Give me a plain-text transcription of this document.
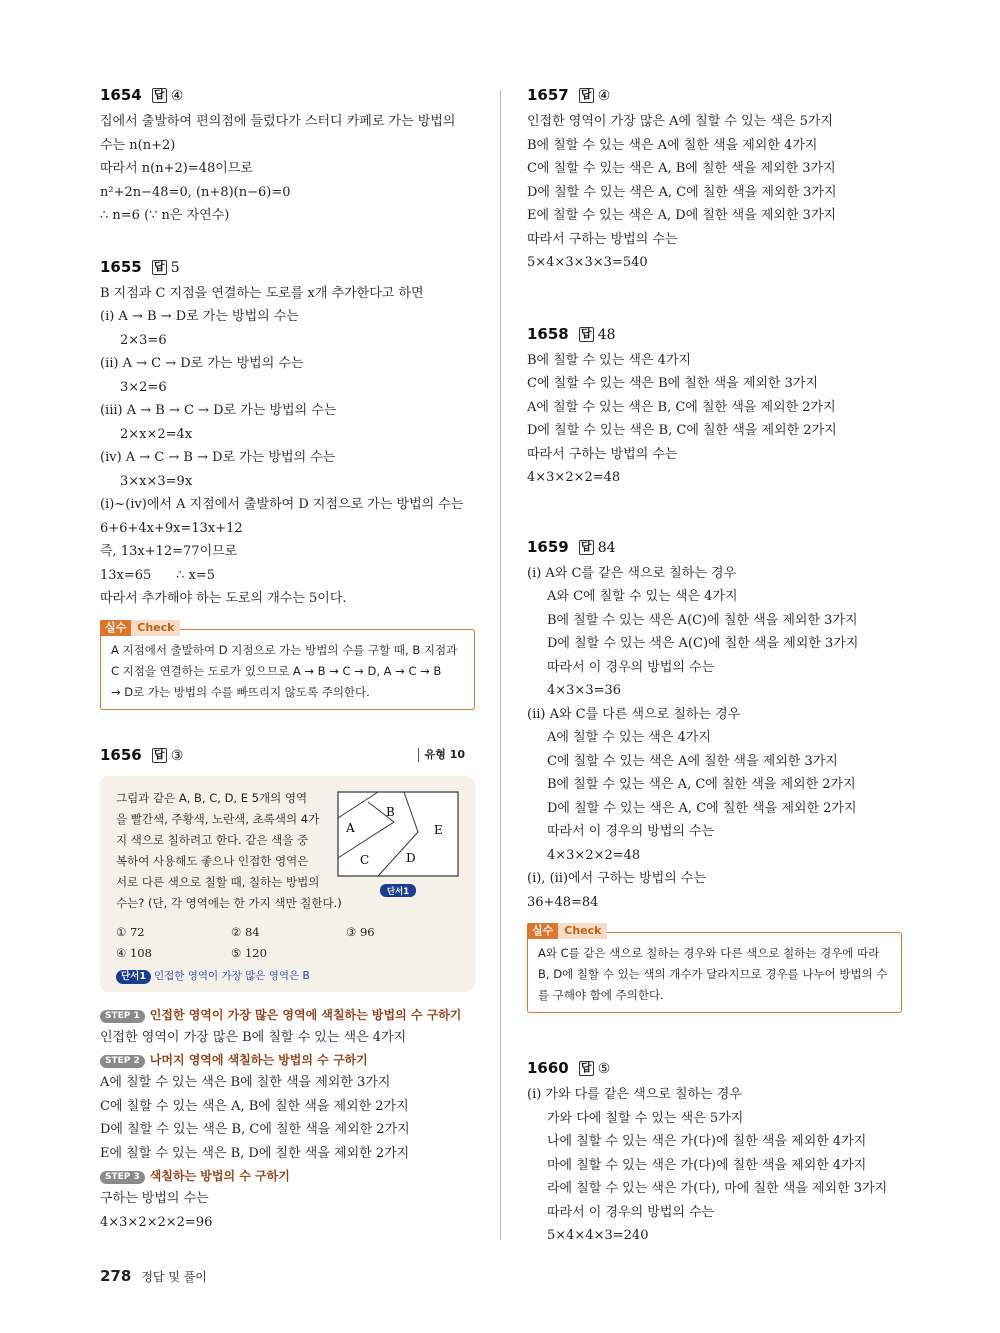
1654 답 ④
집에서 출발하여 편의점에 들렀다가 스터디 카페로 가는 방법의
수는 n(n+2)
따라서 n(n+2)=48이므로
n²+2n−48=0, (n+8)(n−6)=0
∴ n=6 (∵ n은 자연수)
1655 답 5
B 지점과 C 지점을 연결하는 도로를 x개 추가한다고 하면
(ⅰ) A → B → D로 가는 방법의 수는
2×3=6
(ⅱ) A → C → D로 가는 방법의 수는
3×2=6
(ⅲ) A → B → C → D로 가는 방법의 수는
2×x×2=4x
(ⅳ) A → C → B → D로 가는 방법의 수는
3×x×3=9x
(ⅰ)~(ⅳ)에서 A 지점에서 출발하여 D 지점으로 가는 방법의 수는
6+6+4x+9x=13x+12
즉, 13x+12=77이므로
13x=65      ∴ x=5
따라서 추가해야 하는 도로의 개수는 5이다.
실수 Check
A 지점에서 출발하여 D 지점으로 가는 방법의 수를 구할 때, B 지점과
C 지점을 연결하는 도로가 있으므로 A → B → C → D, A → C → B
→ D로 가는 방법의 수를 빠뜨리지 않도록 주의한다.
1656 답 ③	유형 10
그림과 같은 A, B, C, D, E 5개의 영역
을 빨간색, 주황색, 노란색, 초록색의 4가
지 색으로 칠하려고 한다. 같은 색을 중
복하여 사용해도 좋으나 인접한 영역은
서로 다른 색으로 칠할 때, 칠하는 방법의
수는? (단, 각 영역에는 한 가지 색만 칠한다.)
A
B
C	D
E
단서1
① 72	② 84	③ 96
④ 108	⑤ 120
단서1 인접한 영역이 가장 많은 영역은 B
STEP 1 인접한 영역이 가장 많은 영역에 색칠하는 방법의 수 구하기
인접한 영역이 가장 많은 B에 칠할 수 있는 색은 4가지
STEP 2 나머지 영역에 색칠하는 방법의 수 구하기
A에 칠할 수 있는 색은 B에 칠한 색을 제외한 3가지
C에 칠할 수 있는 색은 A, B에 칠한 색을 제외한 2가지
D에 칠할 수 있는 색은 B, C에 칠한 색을 제외한 2가지
E에 칠할 수 있는 색은 B, D에 칠한 색을 제외한 2가지
STEP 3 색칠하는 방법의 수 구하기
구하는 방법의 수는
4×3×2×2×2=96
1657 답 ④
인접한 영역이 가장 많은 A에 칠할 수 있는 색은 5가지
B에 칠할 수 있는 색은 A에 칠한 색을 제외한 4가지
C에 칠할 수 있는 색은 A, B에 칠한 색을 제외한 3가지
D에 칠할 수 있는 색은 A, C에 칠한 색을 제외한 3가지
E에 칠할 수 있는 색은 A, D에 칠한 색을 제외한 3가지
따라서 구하는 방법의 수는
5×4×3×3×3=540
1658 답 48
B에 칠할 수 있는 색은 4가지
C에 칠할 수 있는 색은 B에 칠한 색을 제외한 3가지
A에 칠할 수 있는 색은 B, C에 칠한 색을 제외한 2가지
D에 칠할 수 있는 색은 B, C에 칠한 색을 제외한 2가지
따라서 구하는 방법의 수는
4×3×2×2=48
1659 답 84
(ⅰ) A와 C를 같은 색으로 칠하는 경우
A와 C에 칠할 수 있는 색은 4가지
B에 칠할 수 있는 색은 A(C)에 칠한 색을 제외한 3가지
D에 칠할 수 있는 색은 A(C)에 칠한 색을 제외한 3가지
따라서 이 경우의 방법의 수는
4×3×3=36
(ⅱ) A와 C를 다른 색으로 칠하는 경우
A에 칠할 수 있는 색은 4가지
C에 칠할 수 있는 색은 A에 칠한 색을 제외한 3가지
B에 칠할 수 있는 색은 A, C에 칠한 색을 제외한 2가지
D에 칠할 수 있는 색은 A, C에 칠한 색을 제외한 2가지
따라서 이 경우의 방법의 수는
4×3×2×2=48
(ⅰ), (ⅱ)에서 구하는 방법의 수는
36+48=84
실수 Check
A와 C를 같은 색으로 칠하는 경우와 다른 색으로 칠하는 경우에 따라
B, D에 칠할 수 있는 색의 개수가 달라지므로 경우를 나누어 방법의 수
를 구해야 함에 주의한다.
1660 답 ⑤
(ⅰ) 가와 다를 같은 색으로 칠하는 경우
가와 다에 칠할 수 있는 색은 5가지
나에 칠할 수 있는 색은 가(다)에 칠한 색을 제외한 4가지
마에 칠할 수 있는 색은 가(다)에 칠한 색을 제외한 4가지
라에 칠할 수 있는 색은 가(다), 마에 칠한 색을 제외한 3가지
따라서 이 경우의 방법의 수는
5×4×4×3=240
278 정답 및 풀이
